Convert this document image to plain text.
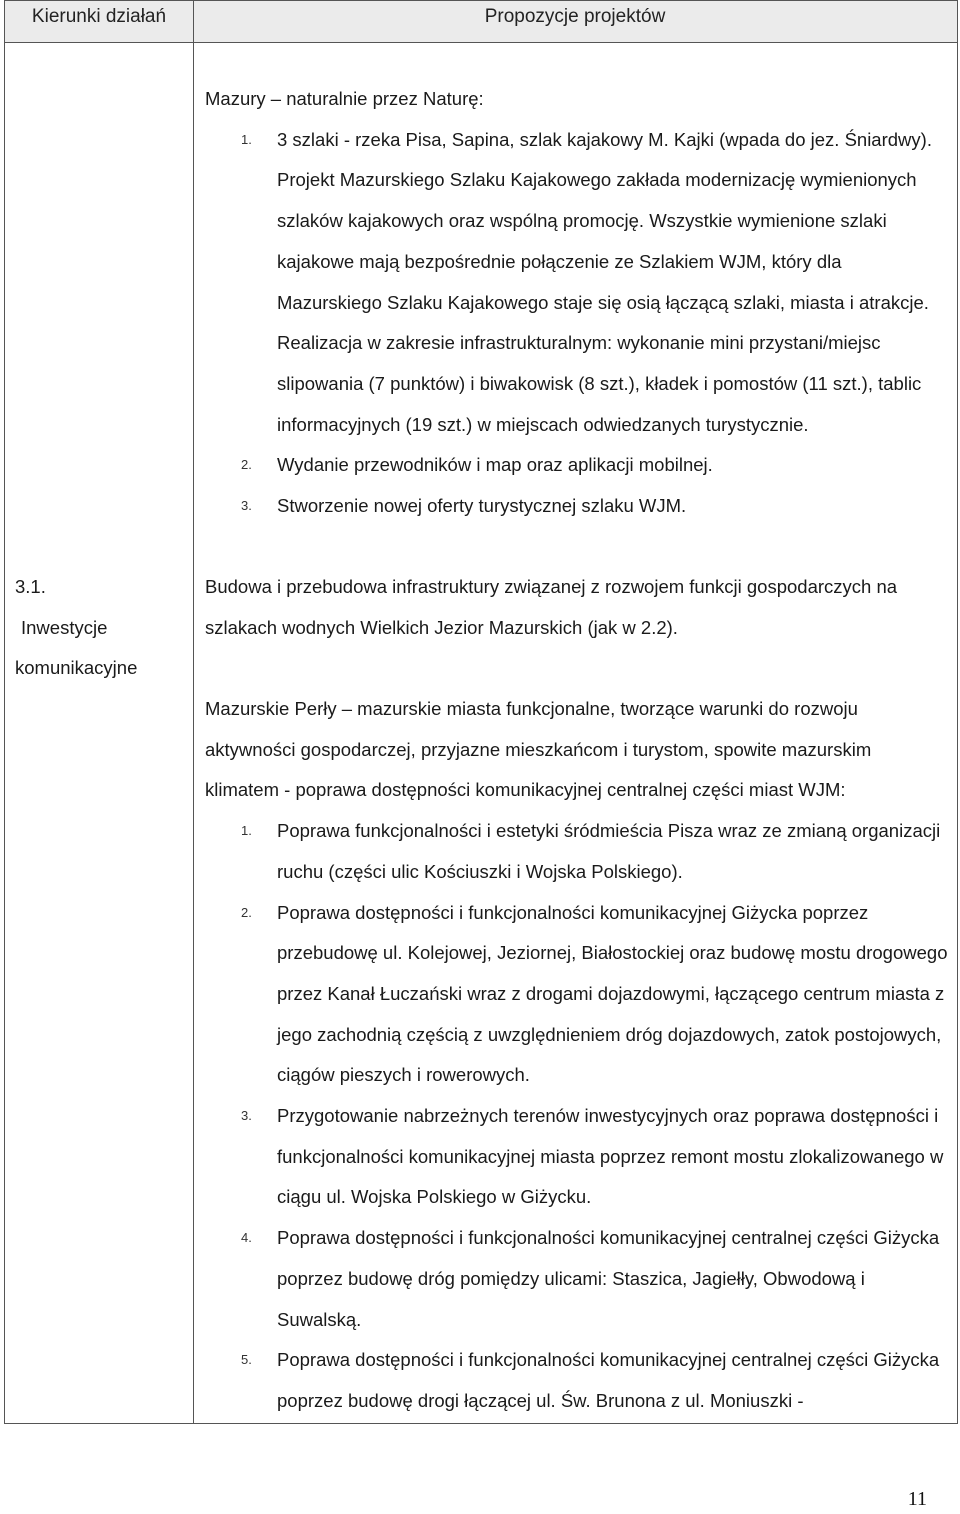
Kierunki działań	Propozycje projektów
3.1.
Inwestycje
komunikacyjne

Mazury – naturalnie przez Naturę:

1. 3 szlaki - rzeka Pisa, Sapina, szlak kajakowy M. Kajki (wpada do jez. Śniardwy). Projekt Mazurskiego Szlaku Kajakowego zakłada modernizację wymienionych szlaków kajakowych oraz wspólną promocję. Wszystkie wymienione szlaki kajakowe mają bezpośrednie połączenie ze Szlakiem WJM, który dla Mazurskiego Szlaku Kajakowego staje się osią łączącą szlaki, miasta i atrakcje. Realizacja w zakresie infrastrukturalnym: wykonanie mini przystani/miejsc slipowania (7 punktów) i biwakowisk (8 szt.), kładek i pomostów (11 szt.), tablic informacyjnych (19 szt.) w miejscach odwiedzanych turystycznie.
2. Wydanie przewodników i map oraz aplikacji mobilnej.
3. Stworzenie nowej oferty turystycznej szlaku WJM.

Budowa i przebudowa infrastruktury związanej z rozwojem funkcji gospodarczych na szlakach wodnych Wielkich Jezior Mazurskich (jak w 2.2).

Mazurskie Perły – mazurskie miasta funkcjonalne, tworzące warunki do rozwoju aktywności gospodarczej, przyjazne mieszkańcom i turystom, spowite mazurskim klimatem - poprawa dostępności komunikacyjnej centralnej części miast WJM:

1. Poprawa funkcjonalności i estetyki śródmieścia Pisza wraz ze zmianą organizacji ruchu (części ulic Kościuszki i Wojska Polskiego).
2. Poprawa dostępności i funkcjonalności komunikacyjnej Giżycka poprzez przebudowę ul. Kolejowej, Jeziornej, Białostockiej oraz budowę mostu drogowego przez Kanał Łuczański wraz z drogami dojazdowymi, łączącego centrum miasta z jego zachodnią częścią z uwzględnieniem dróg dojazdowych, zatok postojowych, ciągów pieszych i rowerowych.
3. Przygotowanie nabrzeżnych terenów inwestycyjnych oraz poprawa dostępności i funkcjonalności komunikacyjnej miasta poprzez remont mostu zlokalizowanego w ciągu ul. Wojska Polskiego w Giżycku.
4. Poprawa dostępności i funkcjonalności komunikacyjnej centralnej części Giżycka poprzez budowę dróg pomiędzy ulicami: Staszica, Jagiełły, Obwodową i Suwalską.
5. Poprawa dostępności i funkcjonalności komunikacyjnej centralnej części Giżycka poprzez budowę drogi łączącej ul. Św. Brunona z ul. Moniuszki -
11
